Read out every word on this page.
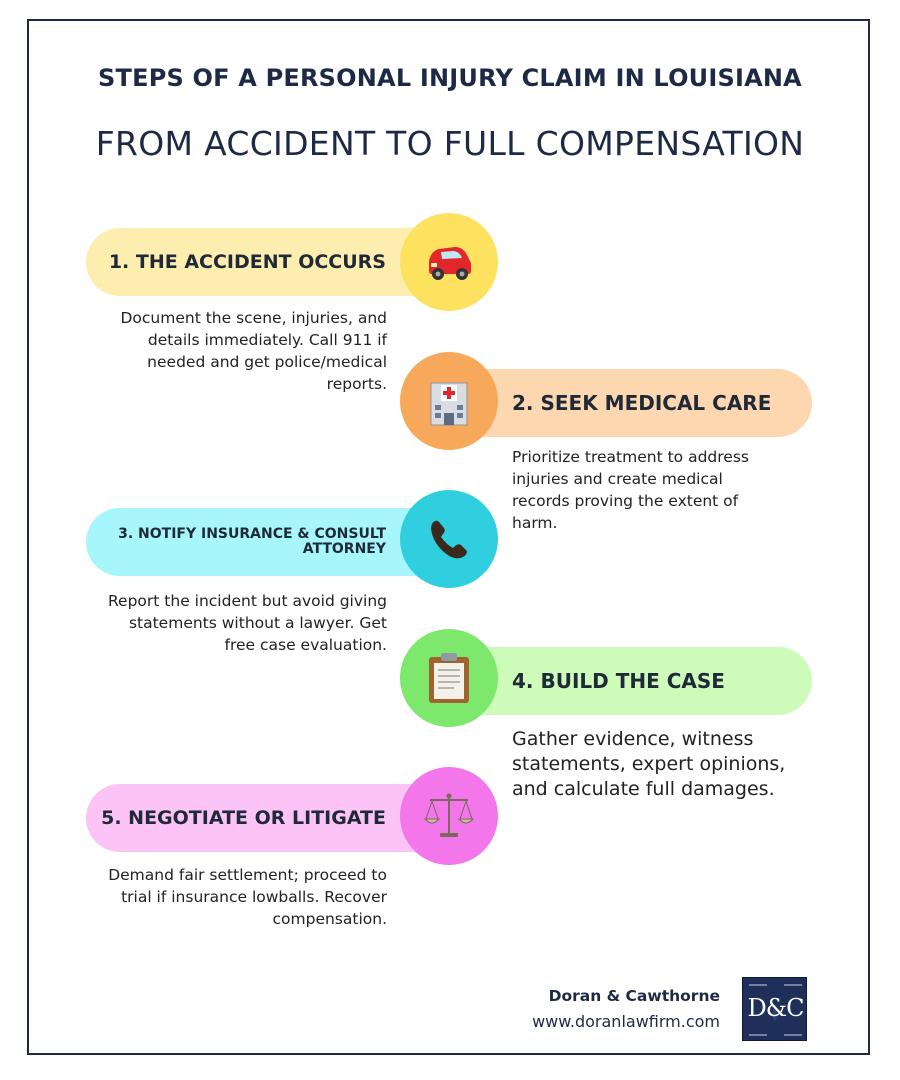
STEPS OF A PERSONAL INJURY CLAIM IN LOUISIANA
FROM ACCIDENT TO FULL COMPENSATION
1. THE ACCIDENT OCCURS
Document the scene, injuries, and details immediately. Call 911 if needed and get police/medical reports.
2. SEEK MEDICAL CARE
Prioritize treatment to address injuries and create medical records proving the extent of harm.
3. NOTIFY INSURANCE & CONSULT ATTORNEY
Report the incident but avoid giving statements without a lawyer. Get free case evaluation.
4. BUILD THE CASE
Gather evidence, witness statements, expert opinions, and calculate full damages.
5. NEGOTIATE OR LITIGATE
Demand fair settlement; proceed to trial if insurance lowballs. Recover compensation.
Doran & Cawthorne
www.doranlawfirm.com D&C
